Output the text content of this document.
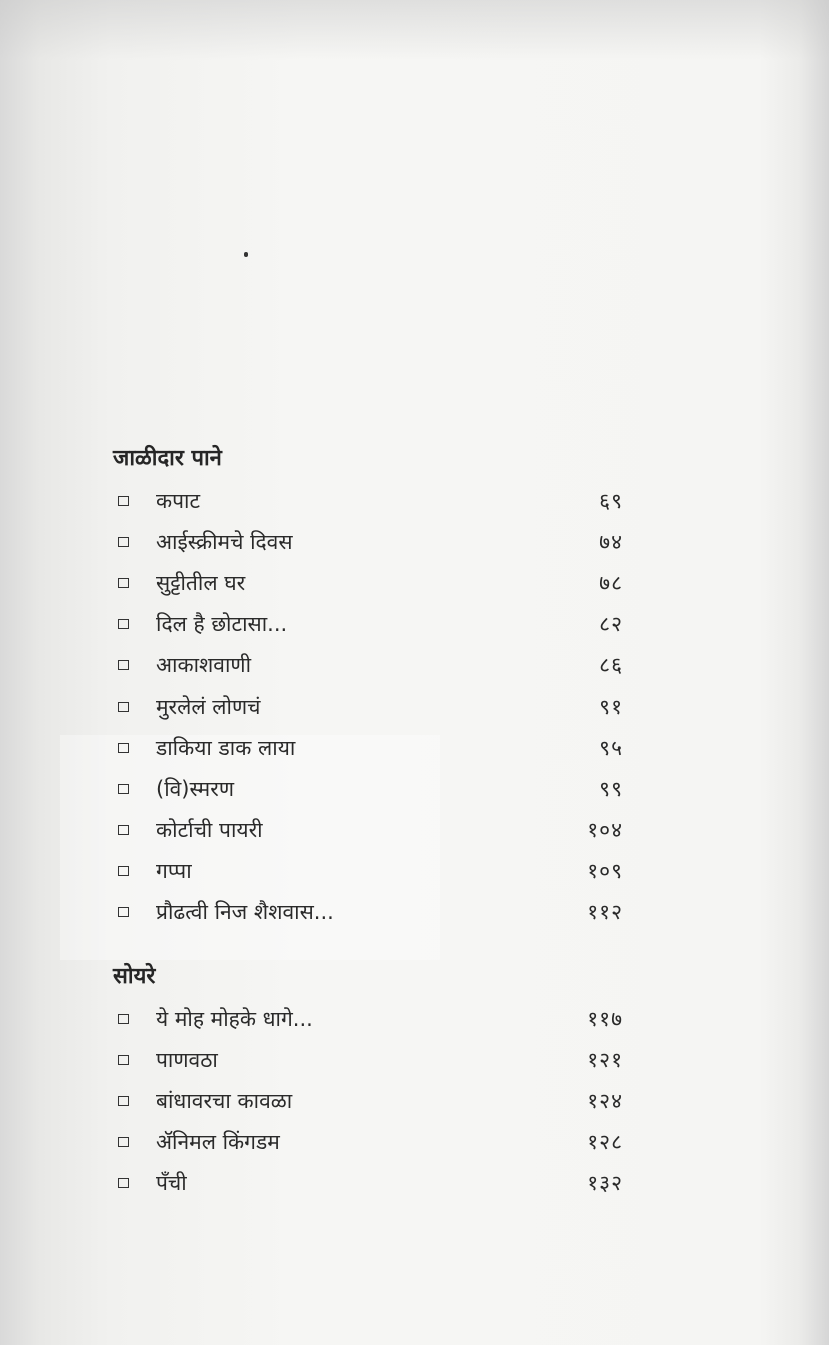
जाळीदार पाने
कपाट	६९
आईस्क्रीमचे दिवस	७४
सुट्टीतील घर	७८
दिल है छोटासा...	८२
आकाशवाणी	८६
मुरलेलं लोणचं	९१
डाकिया डाक लाया	९५
(वि)स्मरण	९९
कोर्टाची पायरी	१०४
गप्पा	१०९
प्रौढत्वी निज शैशवास...	११२
सोयरे
ये मोह मोहके धागे...	११७
पाणवठा	१२१
बांधावरचा कावळा	१२४
ॲनिमल किंगडम	१२८
पॅंची	१३२
